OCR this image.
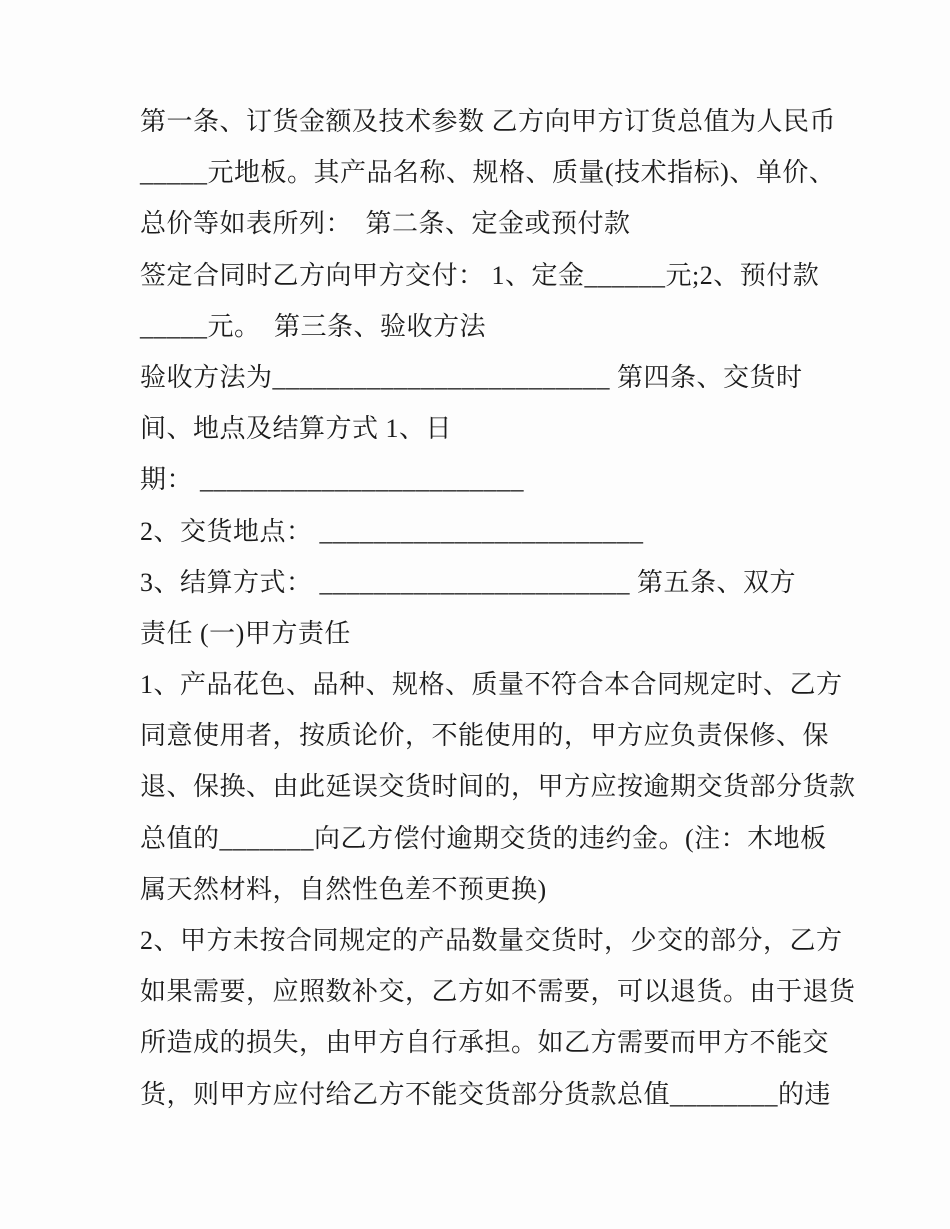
第一条、订货金额及技术参数 乙方向甲方订货总值为人民币
_____元地板。其产品名称、规格、质量(技术指标)、单价、
总价等如表所列：　第二条、定金或预付款
签定合同时乙方向甲方交付： 1、定金______元;2、预付款
_____元。　第三条、验收方法
验收方法为_________________________ 第四条、交货时
间、地点及结算方式 1、日
期： ________________________
2、交货地点： ________________________
3、结算方式： _______________________ 第五条、双方
责任 (一)甲方责任
1、产品花色、品种、规格、质量不符合本合同规定时、乙方
同意使用者，按质论价，不能使用的，甲方应负责保修、保
退、保换、由此延误交货时间的，甲方应按逾期交货部分货款
总值的_______向乙方偿付逾期交货的违约金。(注：木地板
属天然材料，自然性色差不预更换)
2、甲方未按合同规定的产品数量交货时，少交的部分，乙方
如果需要，应照数补交，乙方如不需要，可以退货。由于退货
所造成的损失，由甲方自行承担。如乙方需要而甲方不能交
货，则甲方应付给乙方不能交货部分货款总值________的违
